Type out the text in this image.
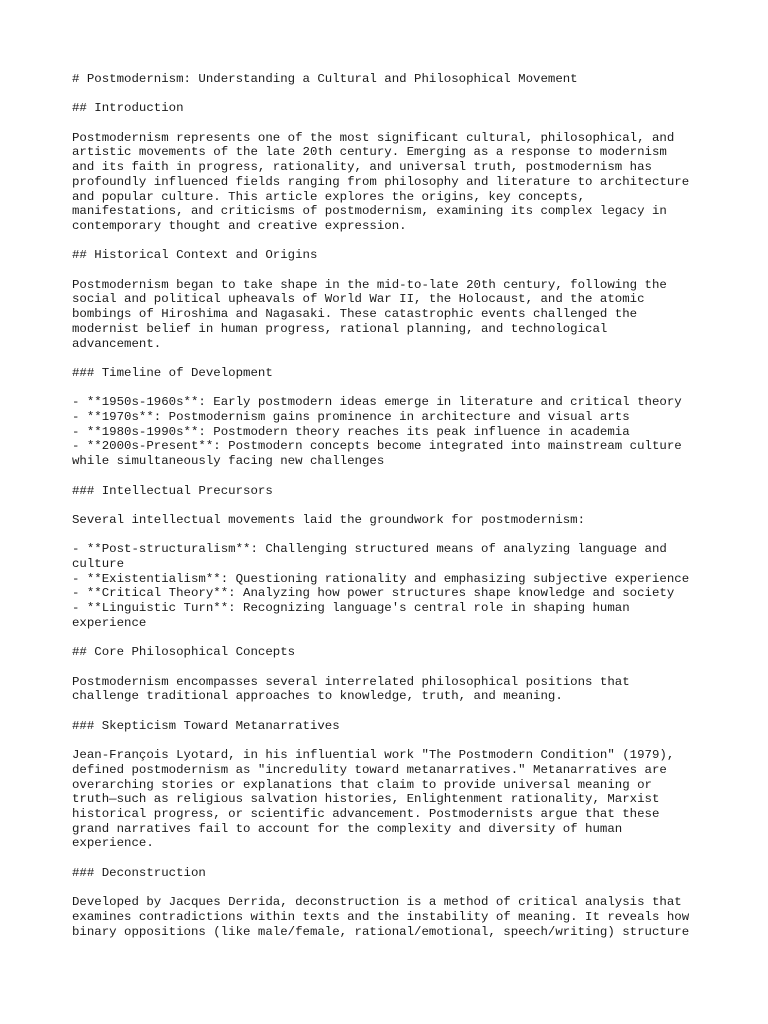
# Postmodernism: Understanding a Cultural and Philosophical Movement
## Introduction
Postmodernism represents one of the most significant cultural, philosophical, and
artistic movements of the late 20th century. Emerging as a response to modernism
and its faith in progress, rationality, and universal truth, postmodernism has
profoundly influenced fields ranging from philosophy and literature to architecture
and popular culture. This article explores the origins, key concepts,
manifestations, and criticisms of postmodernism, examining its complex legacy in
contemporary thought and creative expression.
## Historical Context and Origins
Postmodernism began to take shape in the mid-to-late 20th century, following the
social and political upheavals of World War II, the Holocaust, and the atomic
bombings of Hiroshima and Nagasaki. These catastrophic events challenged the
modernist belief in human progress, rational planning, and technological
advancement.
### Timeline of Development
- **1950s-1960s**: Early postmodern ideas emerge in literature and critical theory
- **1970s**: Postmodernism gains prominence in architecture and visual arts
- **1980s-1990s**: Postmodern theory reaches its peak influence in academia
- **2000s-Present**: Postmodern concepts become integrated into mainstream culture
while simultaneously facing new challenges
### Intellectual Precursors
Several intellectual movements laid the groundwork for postmodernism:
- **Post-structuralism**: Challenging structured means of analyzing language and
culture
- **Existentialism**: Questioning rationality and emphasizing subjective experience
- **Critical Theory**: Analyzing how power structures shape knowledge and society
- **Linguistic Turn**: Recognizing language's central role in shaping human
experience
## Core Philosophical Concepts
Postmodernism encompasses several interrelated philosophical positions that
challenge traditional approaches to knowledge, truth, and meaning.
### Skepticism Toward Metanarratives
Jean-François Lyotard, in his influential work "The Postmodern Condition" (1979),
defined postmodernism as "incredulity toward metanarratives." Metanarratives are
overarching stories or explanations that claim to provide universal meaning or
truth—such as religious salvation histories, Enlightenment rationality, Marxist
historical progress, or scientific advancement. Postmodernists argue that these
grand narratives fail to account for the complexity and diversity of human
experience.
### Deconstruction
Developed by Jacques Derrida, deconstruction is a method of critical analysis that
examines contradictions within texts and the instability of meaning. It reveals how
binary oppositions (like male/female, rational/emotional, speech/writing) structure
